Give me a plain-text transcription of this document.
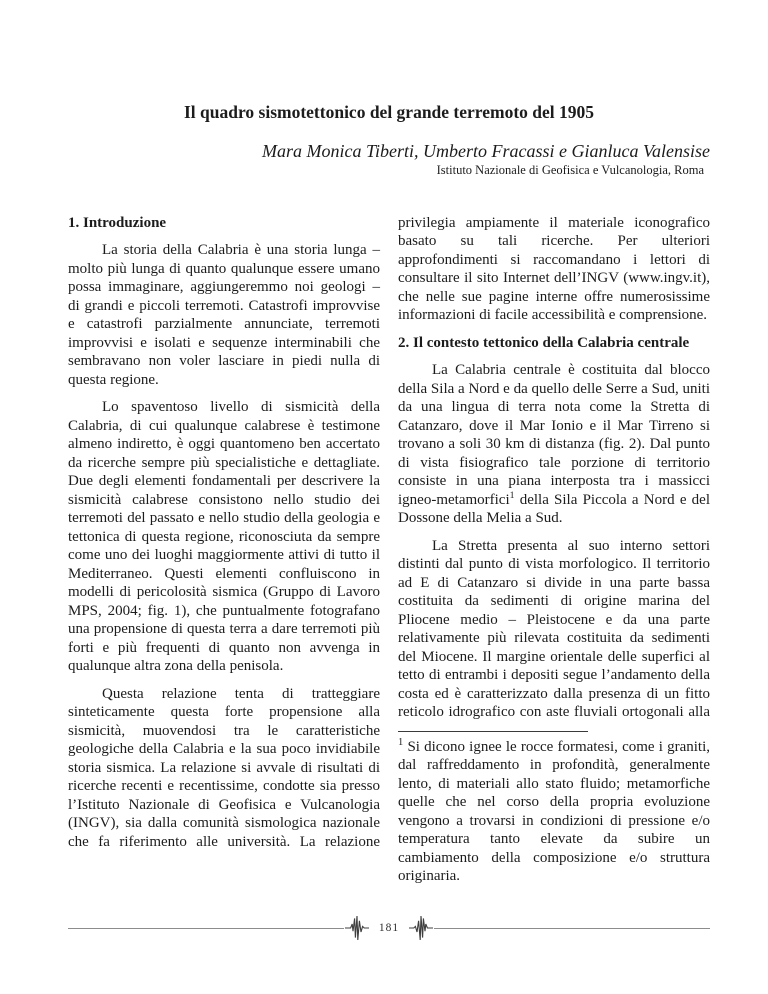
Il quadro sismotettonico del grande terremoto del 1905
Mara Monica Tiberti, Umberto Fracassi e Gianluca Valensise
Istituto Nazionale di Geofisica e Vulcanologia, Roma
1. Introduzione

La storia della Calabria è una storia lunga – molto più lunga di quanto qualunque essere umano possa immaginare, aggiungeremmo noi geologi – di grandi e piccoli terremoti. Catastrofi improvvise e catastrofi parzialmente annunciate, terremoti improvvisi e isolati e sequenze interminabili che sembravano non voler lasciare in piedi nulla di questa regione.

Lo spaventoso livello di sismicità della Calabria, di cui qualunque calabrese è testimone almeno indiretto, è oggi quantomeno ben accertato da ricerche sempre più specialistiche e dettagliate. Due degli elementi fondamentali per descrivere la sismicità calabrese consistono nello studio dei terremoti del passato e nello studio della geologia e tettonica di questa regione, riconosciuta da sempre come uno dei luoghi maggiormente attivi di tutto il Mediterraneo. Questi elementi confluiscono in modelli di pericolosità sismica (Gruppo di Lavoro MPS, 2004; fig. 1), che puntualmente fotografano una propensione di questa terra a dare terremoti più forti e più frequenti di quanto non avvenga in qualunque altra zona della penisola.

Questa relazione tenta di tratteggiare sinteticamente questa forte propensione alla sismicità, muovendosi tra le caratteristiche geologiche della Calabria e la sua poco invidiabile storia sismica. La relazione si avvale di risultati di ricerche recenti e recentissime, condotte sia presso l’Istituto Nazionale di Geofisica e Vulcanologia (INGV), sia dalla comunità sismologica nazionale che fa riferimento alle università. La relazione

privilegia ampiamente il materiale iconografico basato su tali ricerche. Per ulteriori approfondimenti si raccomandano i lettori di consultare il sito Internet dell’INGV (www.ingv.it), che nelle sue pagine interne offre numerosissime informazioni di facile accessibilità e comprensione.

2. Il contesto tettonico della Calabria centrale

La Calabria centrale è costituita dal blocco della Sila a Nord e da quello delle Serre a Sud, uniti da una lingua di terra nota come la Stretta di Catanzaro, dove il Mar Ionio e il Mar Tirreno si trovano a soli 30 km di distanza (fig. 2). Dal punto di vista fisiografico tale porzione di territorio consiste in una piana interposta tra i massicci igneo-metamorfici$^1$ della Sila Piccola a Nord e del Dossone della Melia a Sud.

La Stretta presenta al suo interno settori distinti dal punto di vista morfologico. Il territorio ad E di Catanzaro si divide in una parte bassa costituita da sedimenti di origine marina del Pliocene medio – Pleistocene e da una parte relativamente più rilevata costituita da sedimenti del Miocene. Il margine orientale delle superfici al tetto di entrambi i depositi segue l’andamento della costa ed è caratterizzato dalla presenza di un fitto reticolo idrografico con aste fluviali ortogonali alla

$^1$ Si dicono ignee le rocce formatesi, come i graniti, dal raffreddamento in profondità, generalmente lento, di materiali allo stato fluido; metamorfiche quelle che nel corso della propria evoluzione vengono a trovarsi in condizioni di pressione e/o temperatura tanto elevate da subire un cambiamento della composizione e/o struttura originaria.

181
